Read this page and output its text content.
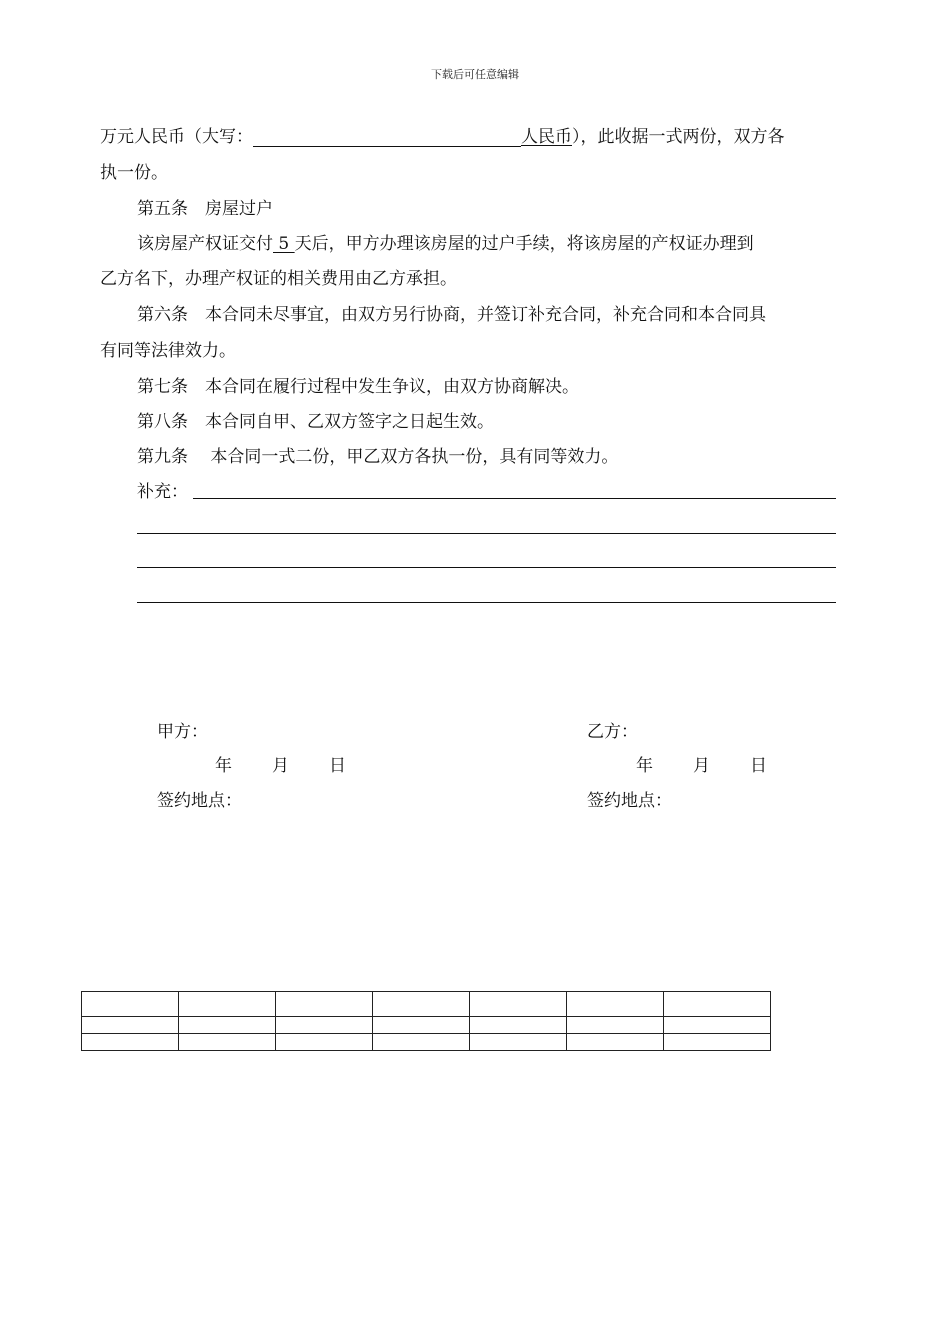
下载后可任意编辑
万元人民币（大写：	人民币），此收据一式两份，双方各
执一份。
第五条　房屋过户
该房屋产权证交付 5 天后，甲方办理该房屋的过户手续，将该房屋的产权证办理到
乙方名下，办理产权证的相关费用由乙方承担。
第六条　本合同未尽事宜，由双方另行协商，并签订补充合同，补充合同和本合同具
有同等法律效力。
第七条　本合同在履行过程中发生争议，由双方协商解决。
第八条　本合同自甲、乙双方签字之日起生效。
第九条　 本合同一式二份，甲乙双方各执一份，具有同等效力。
补充：
甲方：	乙方：
年 月 日	年 月 日
签约地点：	签约地点：
